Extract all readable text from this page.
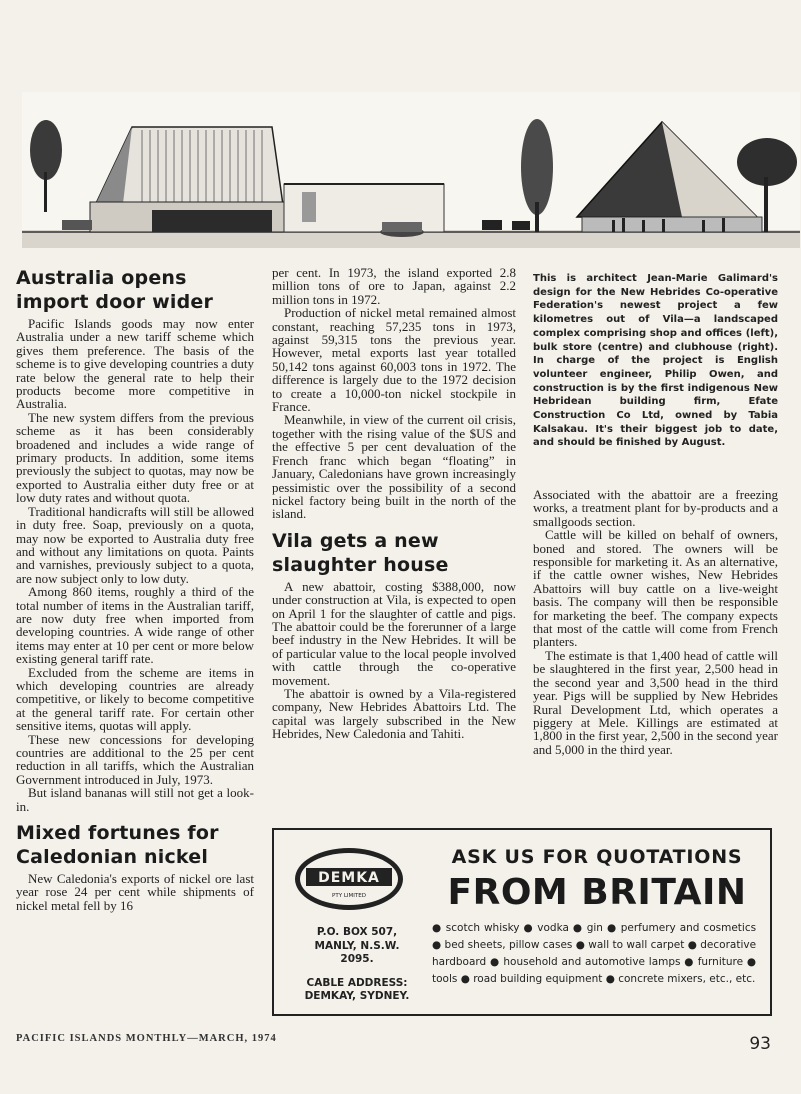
Australia opens import door wider

Pacific Islands goods may now enter Australia under a new tariff scheme which gives them preference. The basis of the scheme is to give developing countries a duty rate below the general rate to help their products become more competitive in Australia.

The new system differs from the previous scheme as it has been considerably broadened and includes a wide range of primary products. In addition, some items previously the subject to quotas, may now be exported to Australia either duty free or at low duty rates and without quota.

Traditional handicrafts will still be allowed in duty free. Soap, previously on a quota, may now be exported to Australia duty free and without any limitations on quota. Paints and varnishes, previously subject to a quota, are now subject only to low duty.

Among 860 items, roughly a third of the total number of items in the Australian tariff, are now duty free when imported from developing countries. A wide range of other items may enter at 10 per cent or more below existing general tariff rate.

Excluded from the scheme are items in which developing countries are already competitive, or likely to become competitive at the general tariff rate. For certain other sensitive items, quotas will apply.

These new concessions for developing countries are additional to the 25 per cent reduction in all tariffs, which the Australian Government introduced in July, 1973.

But island bananas will still not get a look-in.

Mixed fortunes for Caledonian nickel

New Caledonia's exports of nickel ore last year rose 24 per cent while shipments of nickel metal fell by 16

per cent. In 1973, the island exported 2.8 million tons of ore to Japan, against 2.2 million tons in 1972.

Production of nickel metal remained almost constant, reaching 57,235 tons in 1973, against 59,315 tons the previous year. However, metal exports last year totalled 50,142 tons against 60,003 tons in 1972. The difference is largely due to the 1972 decision to create a 10,000-ton nickel stockpile in France.

Meanwhile, in view of the current oil crisis, together with the rising value of the $US and the effective 5 per cent devaluation of the French franc which began “floating” in January, Caledonians have grown increasingly pessimistic over the possibility of a second nickel factory being built in the north of the island.

Vila gets a new slaughter house

A new abattoir, costing $388,000, now under construction at Vila, is expected to open on April 1 for the slaughter of cattle and pigs. The abattoir could be the forerunner of a large beef industry in the New Hebrides. It will be of particular value to the local people involved with cattle through the co-operative movement.

The abattoir is owned by a Vila-registered company, New Hebrides Abattoirs Ltd. The capital was largely subscribed in the New Hebrides, New Caledonia and Tahiti.

This is architect Jean-Marie Galimard's design for the New Hebrides Co-operative Federation's newest project a few kilometres out of Vila—a landscaped complex comprising shop and offices (left), bulk store (centre) and clubhouse (right). In charge of the project is English volunteer engineer, Philip Owen, and construction is by the first indigenous New Hebridean building firm, Efate Construction Co Ltd, owned by Tabia Kalsakau. It's their biggest job to date, and should be finished by August.

Associated with the abattoir are a freezing works, a treatment plant for by-products and a smallgoods section.

Cattle will be killed on behalf of owners, boned and stored. The owners will be responsible for marketing it. As an alternative, if the cattle owner wishes, New Hebrides Abattoirs will buy cattle on a live-weight basis. The company will then be responsible for marketing the beef. The company expects that most of the cattle will come from French planters.

The estimate is that 1,400 head of cattle will be slaughtered in the first year, 2,500 head in the second year and 3,500 head in the third year. Pigs will be supplied by New Hebrides Rural Development Ltd, which operates a piggery at Mele. Killings are estimated at 1,800 in the first year, 2,500 in the second year and 5,000 in the third year.

DEMKA
PTY LIMITED
P.O. BOX 507,
MANLY, N.S.W.
2095.
CABLE ADDRESS:
DEMKAY, SYDNEY.
ASK US FOR QUOTATIONS
FROM BRITAIN
● scotch whisky ● vodka ● gin ● perfumery and cosmetics ● bed sheets, pillow cases ● wall to wall carpet ● decorative hardboard ● household and automotive lamps ● furniture ● tools ● road building equipment ● concrete mixers, etc., etc.
PACIFIC ISLANDS MONTHLY—MARCH, 1974	93
